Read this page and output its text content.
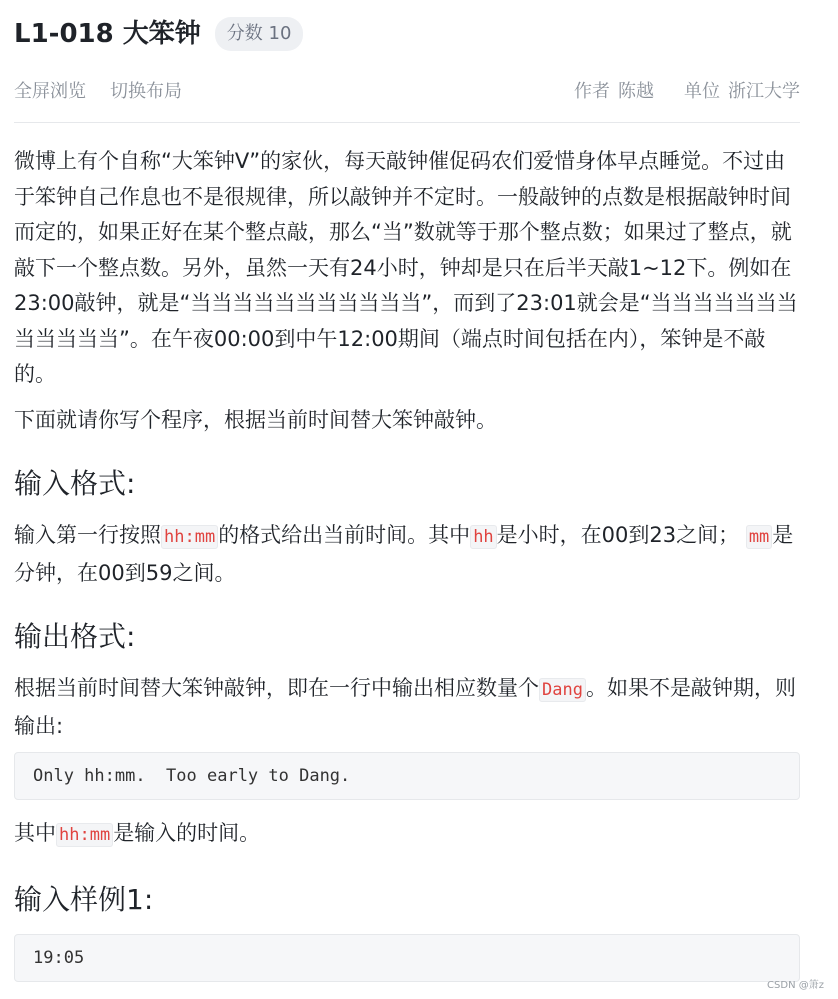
L1-018 大笨钟	分数 10
全屏浏览 切换布局	作者 陈越 单位 浙江大学

微博上有个自称“大笨钟V”的家伙，每天敲钟催促码农们爱惜身体早点睡觉。不过由于笨钟自己作息也不是很规律，所以敲钟并不定时。一般敲钟的点数是根据敲钟时间而定的，如果正好在某个整点敲，那么“当”数就等于那个整点数；如果过了整点，就敲下一个整点数。另外，虽然一天有24小时，钟却是只在后半天敲1~12下。例如在23:00敲钟，就是“当当当当当当当当当当当”，而到了23:01就会是“当当当当当当当当当当当当”。在午夜00:00到中午12:00期间（端点时间包括在内），笨钟是不敲的。

下面就请你写个程序，根据当前时间替大笨钟敲钟。

输入格式:

输入第一行按照 hh:mm 的格式给出当前时间。其中 hh 是小时，在00到23之间； mm 是分钟，在00到59之间。

输出格式:

根据当前时间替大笨钟敲钟，即在一行中输出相应数量个 Dang 。如果不是敲钟期，则输出:

Only hh:mm.  Too early to Dang.

其中 hh:mm 是输入的时间。

输入样例1:
19:05
CSDN @箫z
